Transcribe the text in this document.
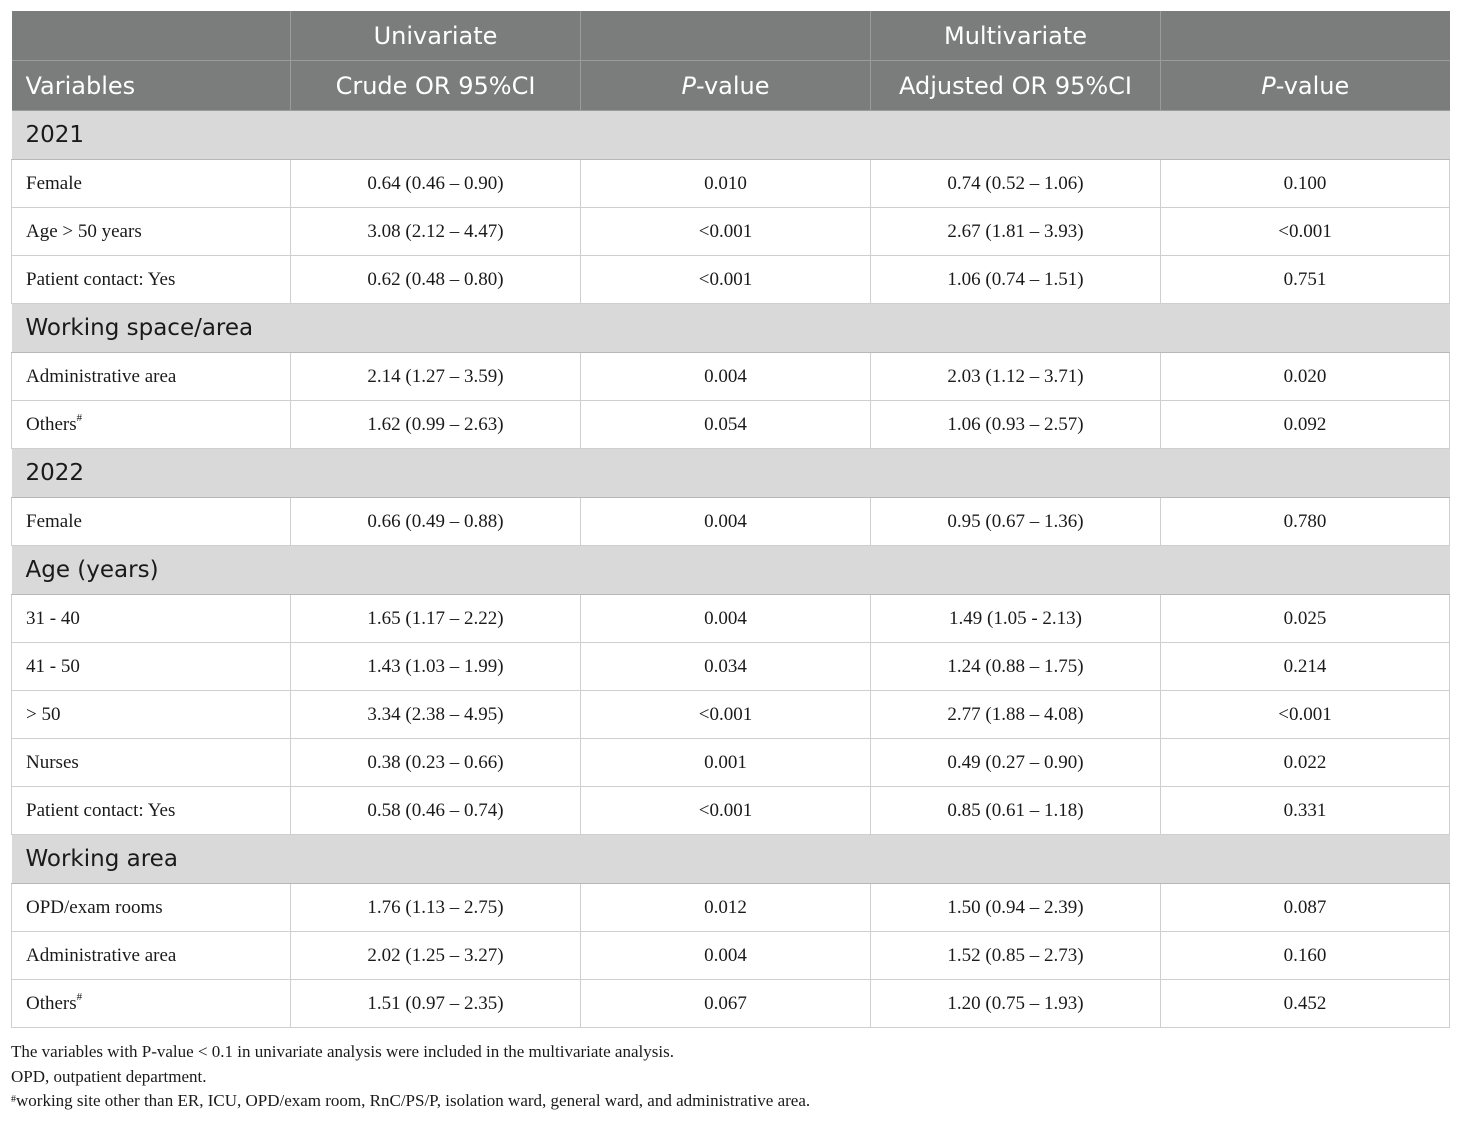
	Univariate		Multivariate	
Variables	Crude OR 95%CI	P-value	Adjusted OR 95%CI	P-value
2021				
Female	0.64 (0.46 – 0.90)	0.010	0.74 (0.52 – 1.06)	0.100
Age > 50 years	3.08 (2.12 – 4.47)	<0.001	2.67 (1.81 – 3.93)	<0.001
Patient contact: Yes	0.62 (0.48 – 0.80)	<0.001	1.06 (0.74 – 1.51)	0.751
Working space/area				
Administrative area	2.14 (1.27 – 3.59)	0.004	2.03 (1.12 – 3.71)	0.020
Others#	1.62 (0.99 – 2.63)	0.054	1.06 (0.93 – 2.57)	0.092
2022				
Female	0.66 (0.49 – 0.88)	0.004	0.95 (0.67 – 1.36)	0.780
Age (years)				
31 - 40	1.65 (1.17 – 2.22)	0.004	1.49 (1.05 - 2.13)	0.025
41 - 50	1.43 (1.03 – 1.99)	0.034	1.24 (0.88 – 1.75)	0.214
> 50	3.34 (2.38 – 4.95)	<0.001	2.77 (1.88 – 4.08)	<0.001
Nurses	0.38 (0.23 – 0.66)	0.001	0.49 (0.27 – 0.90)	0.022
Patient contact: Yes	0.58 (0.46 – 0.74)	<0.001	0.85 (0.61 – 1.18)	0.331
Working area				
OPD/exam rooms	1.76 (1.13 – 2.75)	0.012	1.50 (0.94 – 2.39)	0.087
Administrative area	2.02 (1.25 – 3.27)	0.004	1.52 (0.85 – 2.73)	0.160
Others#	1.51 (0.97 – 2.35)	0.067	1.20 (0.75 – 1.93)	0.452
The variables with P-value < 0.1 in univariate analysis were included in the multivariate analysis.
OPD, outpatient department.
#working site other than ER, ICU, OPD/exam room, RnC/PS/P, isolation ward, general ward, and administrative area.
